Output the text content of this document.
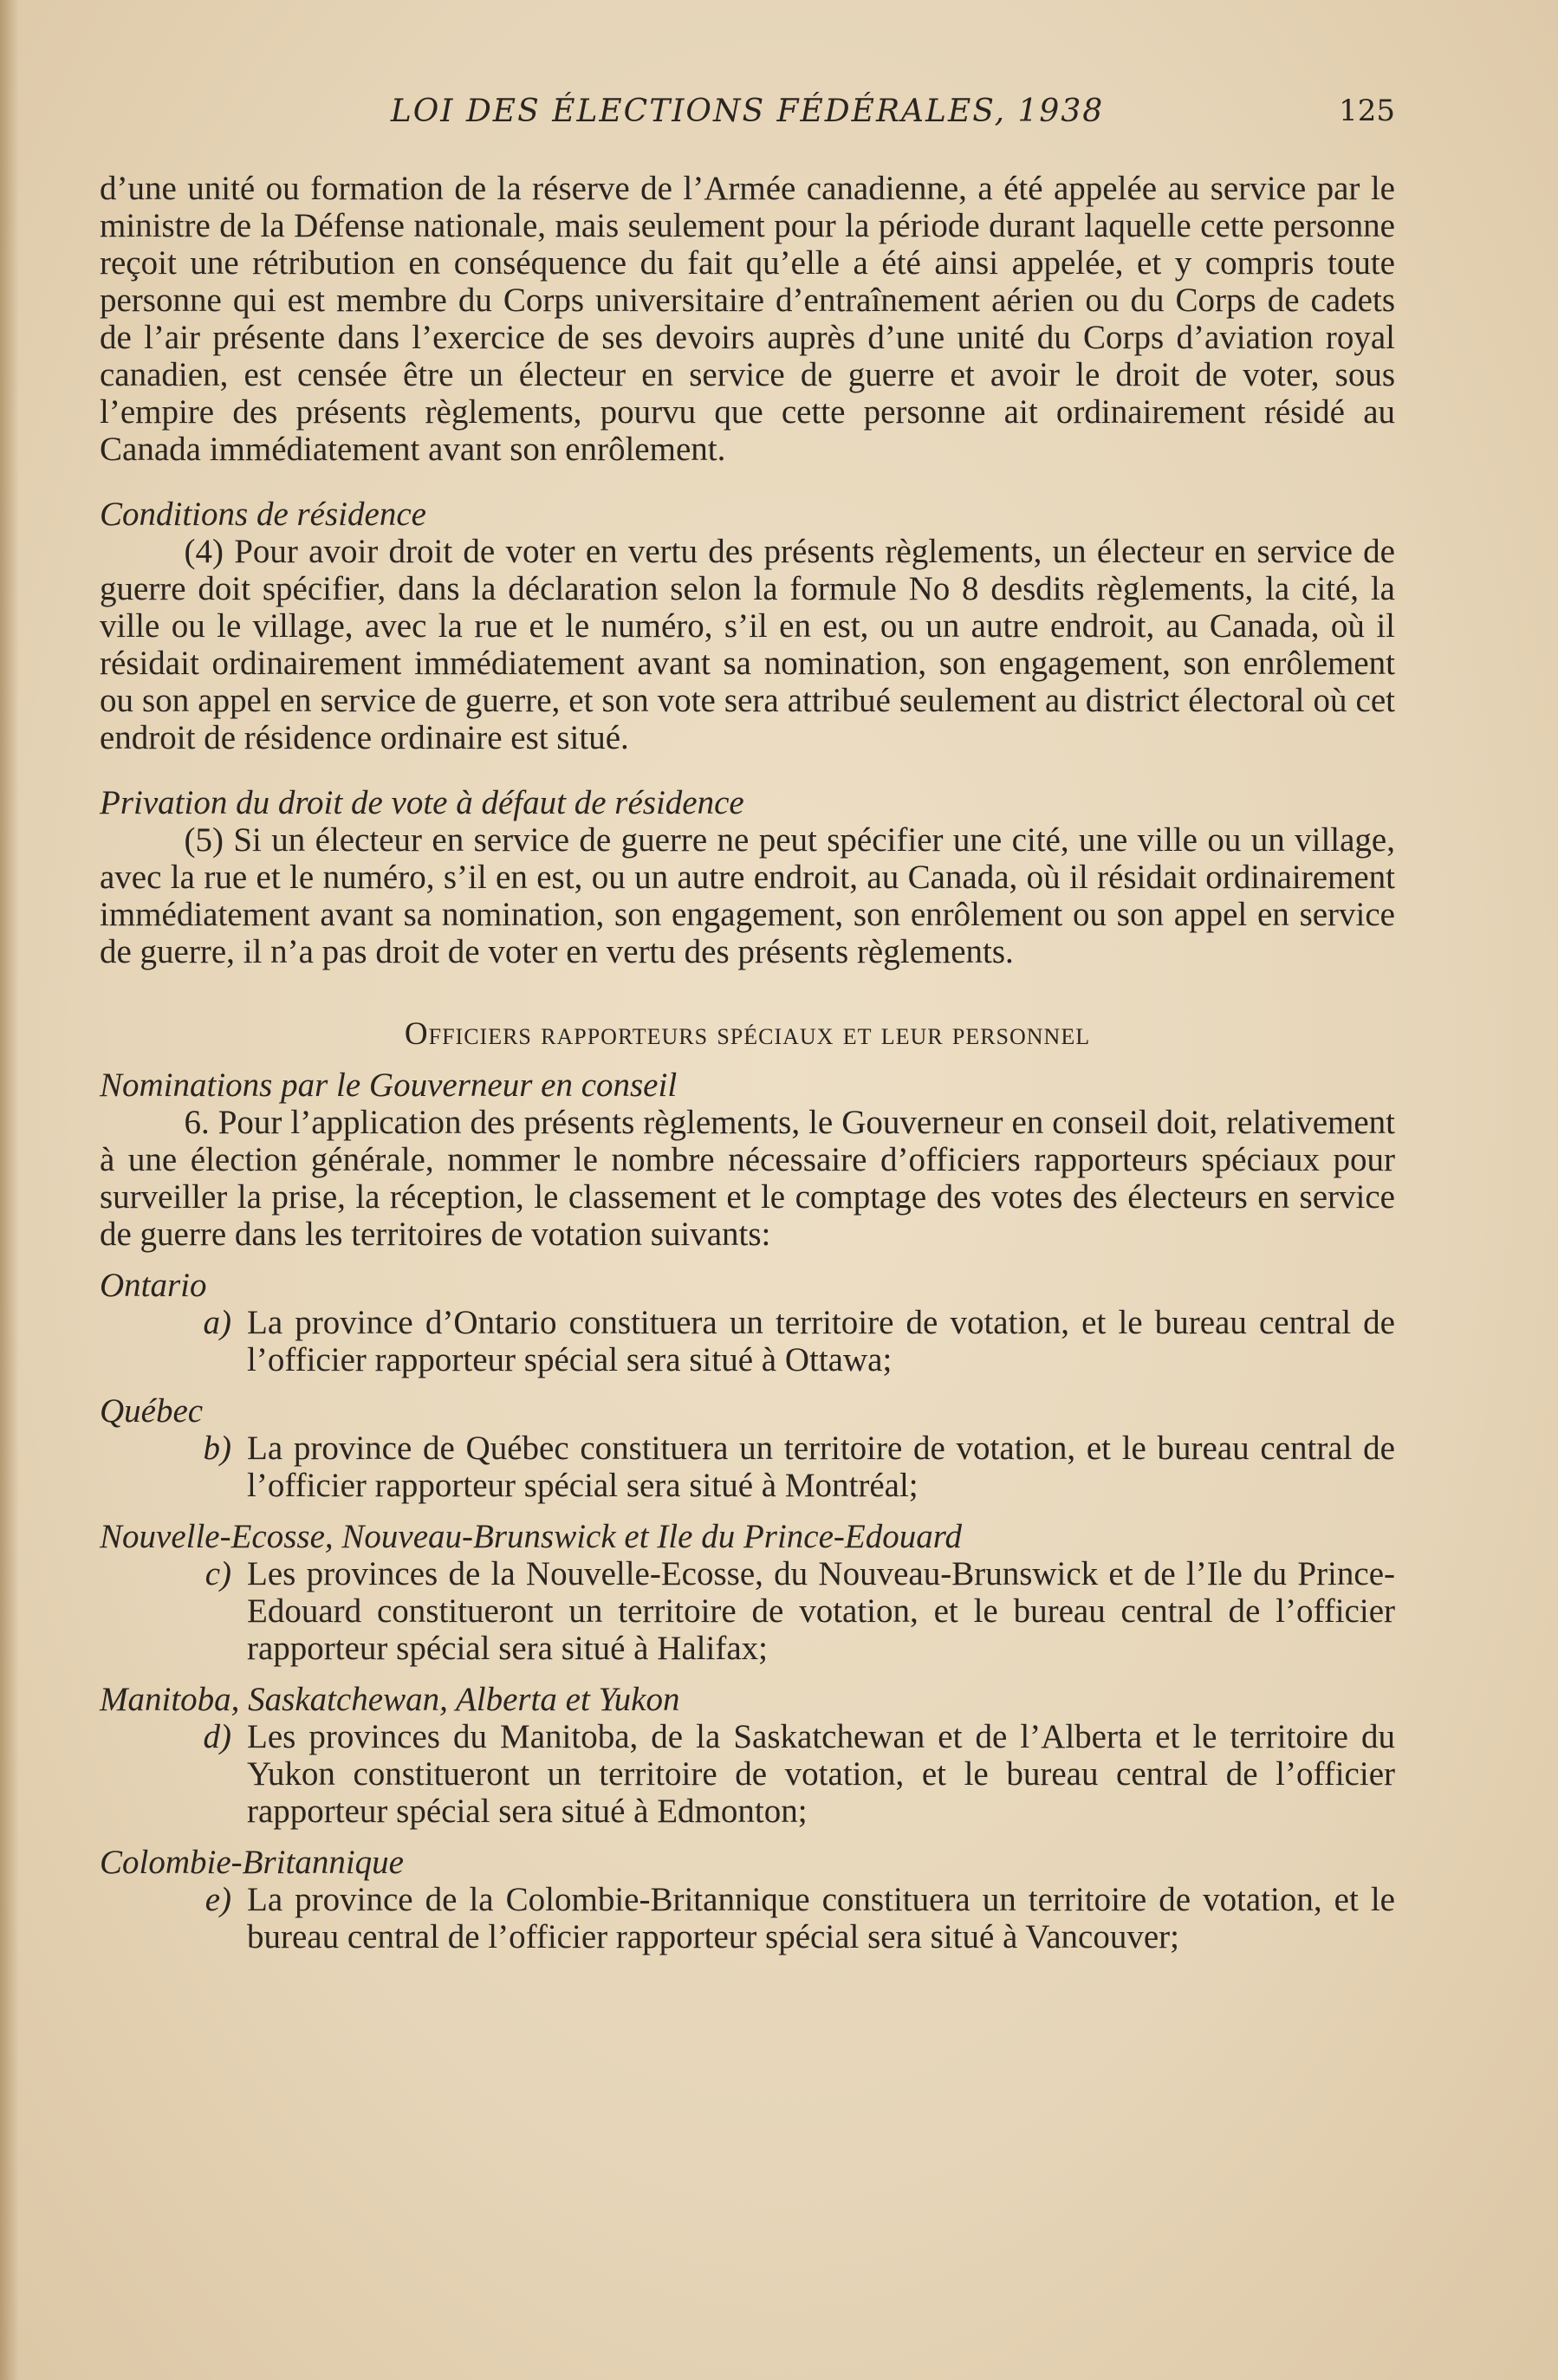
LOI DES ÉLECTIONS FÉDÉRALES, 1938	125

d’une unité ou formation de la réserve de l’Armée canadienne, a été appelée au service par le ministre de la Défense nationale, mais seulement pour la période durant laquelle cette personne reçoit une rétribution en conséquence du fait qu’elle a été ainsi appelée, et y compris toute personne qui est membre du Corps universitaire d’entraînement aérien ou du Corps de cadets de l’air présente dans l’exercice de ses devoirs auprès d’une unité du Corps d’aviation royal canadien, est censée être un électeur en service de guerre et avoir le droit de voter, sous l’empire des présents règlements, pourvu que cette personne ait ordinairement résidé au Canada immédiatement avant son enrôlement.

Conditions de résidence

(4) Pour avoir droit de voter en vertu des présents règlements, un électeur en service de guerre doit spécifier, dans la déclaration selon la formule No 8 desdits règlements, la cité, la ville ou le village, avec la rue et le numéro, s’il en est, ou un autre endroit, au Canada, où il résidait ordinairement immédiatement avant sa nomination, son engagement, son enrôlement ou son appel en service de guerre, et son vote sera attribué seulement au district électoral où cet endroit de résidence ordinaire est situé.

Privation du droit de vote à défaut de résidence

(5) Si un électeur en service de guerre ne peut spécifier une cité, une ville ou un village, avec la rue et le numéro, s’il en est, ou un autre endroit, au Canada, où il résidait ordinairement immédiatement avant sa nomination, son engagement, son enrôlement ou son appel en service de guerre, il n’a pas droit de voter en vertu des présents règlements.

Officiers rapporteurs spéciaux et leur personnel

Nominations par le Gouverneur en conseil

6. Pour l’application des présents règlements, le Gouverneur en conseil doit, relativement à une élection générale, nommer le nombre nécessaire d’officiers rapporteurs spéciaux pour surveiller la prise, la réception, le classement et le comptage des votes des électeurs en service de guerre dans les territoires de votation suivants:

Ontario

a) La province d’Ontario constituera un territoire de votation, et le bureau central de l’officier rapporteur spécial sera situé à Ottawa;

Québec

b) La province de Québec constituera un territoire de votation, et le bureau central de l’officier rapporteur spécial sera situé à Montréal;

Nouvelle-Ecosse, Nouveau-Brunswick et Ile du Prince-Edouard

c) Les provinces de la Nouvelle-Ecosse, du Nouveau-Brunswick et de l’Ile du Prince-Edouard constitueront un territoire de votation, et le bureau central de l’officier rapporteur spécial sera situé à Halifax;

Manitoba, Saskatchewan, Alberta et Yukon

d) Les provinces du Manitoba, de la Saskatchewan et de l’Alberta et le territoire du Yukon constitueront un territoire de votation, et le bureau central de l’officier rapporteur spécial sera situé à Edmonton;

Colombie-Britannique

e) La province de la Colombie-Britannique constituera un territoire de votation, et le bureau central de l’officier rapporteur spécial sera situé à Vancouver;
